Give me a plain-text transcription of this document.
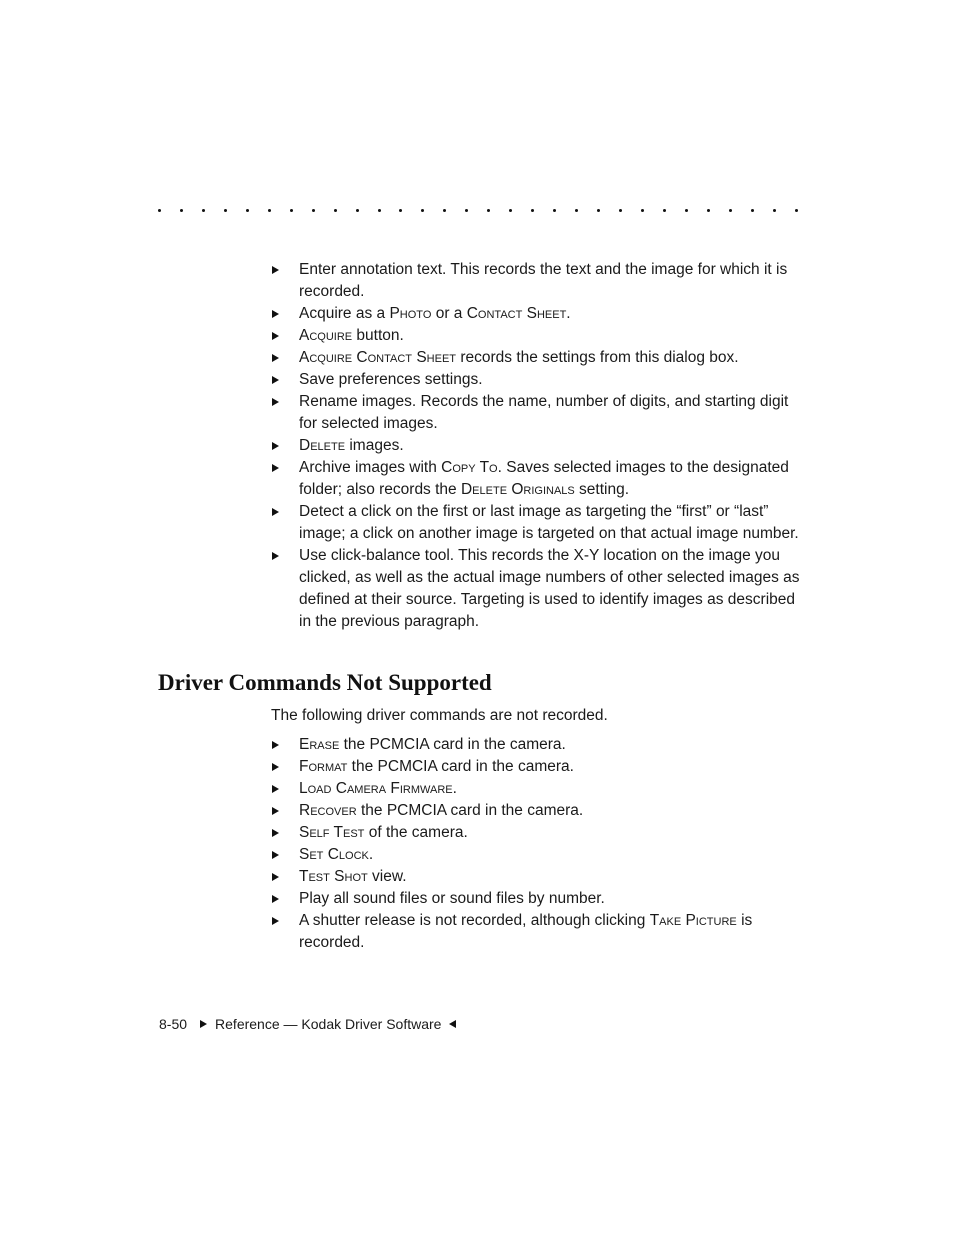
Enter annotation text. This records the text and the image for which it is recorded.
Acquire as a Photo or a Contact Sheet.
Acquire button.
Acquire Contact Sheet records the settings from this dialog box.
Save preferences settings.
Rename images. Records the name, number of digits, and starting digit for selected images.
Delete images.
Archive images with Copy To. Saves selected images to the designated folder; also records the Delete Originals setting.
Detect a click on the first or last image as targeting the “first” or “last” image; a click on another image is targeted on that actual image number.
Use click-balance tool. This records the X-Y location on the image you clicked, as well as the actual image numbers of other selected images as defined at their source. Targeting is used to identify images as described in the previous paragraph.
Driver Commands Not Supported

The following driver commands are not recorded.

Erase the PCMCIA card in the camera.
Format the PCMCIA card in the camera.
Load Camera Firmware.
Recover the PCMCIA card in the camera.
Self Test of the camera.
Set Clock.
Test Shot view.
Play all sound files or sound files by number.
A shutter release is not recorded, although clicking Take Picture is recorded.
8-50 Reference — Kodak Driver Software
